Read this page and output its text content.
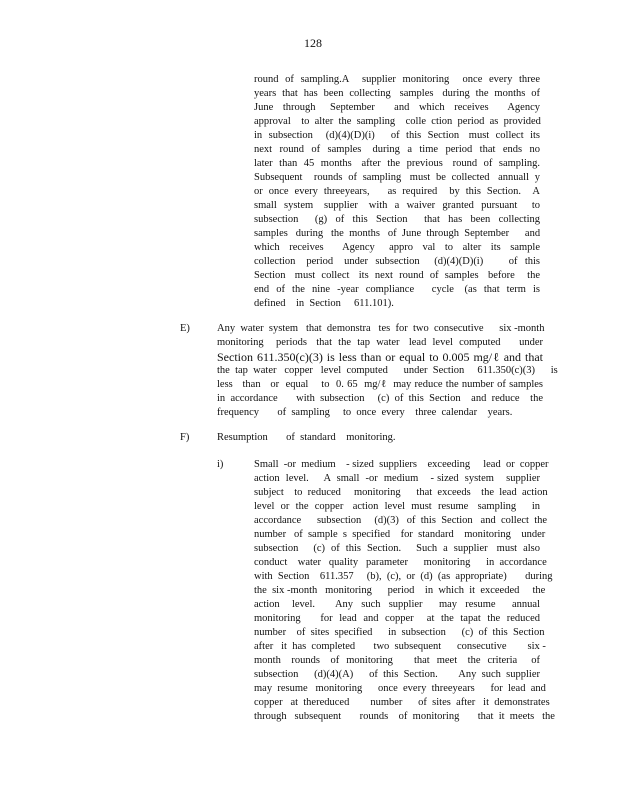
128
round  of  sampling.A    supplier  monitoring    once  every  three
years  that  has  been  collecting   samples   during  the  months  of
June  through   September    and  which  receives    Agency
approval    to  alter  the  sampling    colle  ction  period  as  provided
in  subsection    (d)(4)(D)(i)     of  this  Section   must  collect  its
next  round  of  samples   during  a  time  period  that  ends  no
later  than  45  months   after  the  previous   round  of  sampling.
Subsequent    rounds  of  sampling   must  be  collected   annuall  y
or  once  every  threeyears,      as  required    by  this  Section.    A
small  system   supplier   with  a  waiver  granted  pursuant    to
subsection    (g)  of  this  Section    that  has  been  collecting
samples   during   the  months   of  June  through  September      and
which  receives    Agency   appro  val  to  alter  its  sample
collection   period   under  subsection    (d)(4)(D)(i)       of  this
Section   must  collect   its  next  round  of  samples   before    the
end  of  the  nine  -year  compliance     cycle   (as  that  term  is
defined    in  Section     611.101).
E)	Any  water  system   that  demonstra   tes  for  two  consecutive      six -month
monitoring    periods   that  the  tap  water   lead  level  computed      under
Section 611.350(c)(3) is less than or equal to 0.005 mg/ℓ and that
the  tap  water   copper   level  computed      under  Section     611.350(c)(3)      is
less   than   or  equal    to  0. 65  mg/ℓ  may reduce the number of samples
in  accordance       with  subsection     (c)  of  this  Section    and  reduce    the
frequency       of  sampling     to  once  every    three  calendar    years.
F)	Resumption       of  standard    monitoring.
i)	Small  -or  medium    - sized  suppliers    exceeding     lead  or  copper
action  level.     A  small  -or  medium    - sized  system    supplier
subject    to  reduced     monitoring      that  exceeds    the  lead  action
level  or  the  copper   action  level  must  resume   sampling     in
accordance      subsection     (d)(3)   of  this  Section   and  collect  the
number   of  sample  s  specified    for  standard    monitoring    under
subsection     (c)  of  this  Section.     Such  a  supplier   must  also
conduct    water   quality   parameter      monitoring      in  accordance
with  Section    611.357     (b),  (c),  or  (d)  (as  appropriate)       during
the  six -month   monitoring      period    in  which  it  exceeded     the
action   level.     Any  such  supplier    may  resume    annual
monitoring      for  lead  and  copper    at  the  tapat  the  reduced
number    of  sites  specified      in  subsection      (c)  of  this  Section
after   it  has  completed       two  subsequent      consecutive        six -
month   rounds   of  monitoring      that  meet   the  criteria    of
subsection      (d)(4)(A)      of  this  Section.        Any  such  supplier
may  resume   monitoring      once  every  threeyears      for  lead  and
copper   at  thereduced        number      of  sites  after   it  demonstrates
through   subsequent       rounds    of  monitoring       that  it  meets   the
